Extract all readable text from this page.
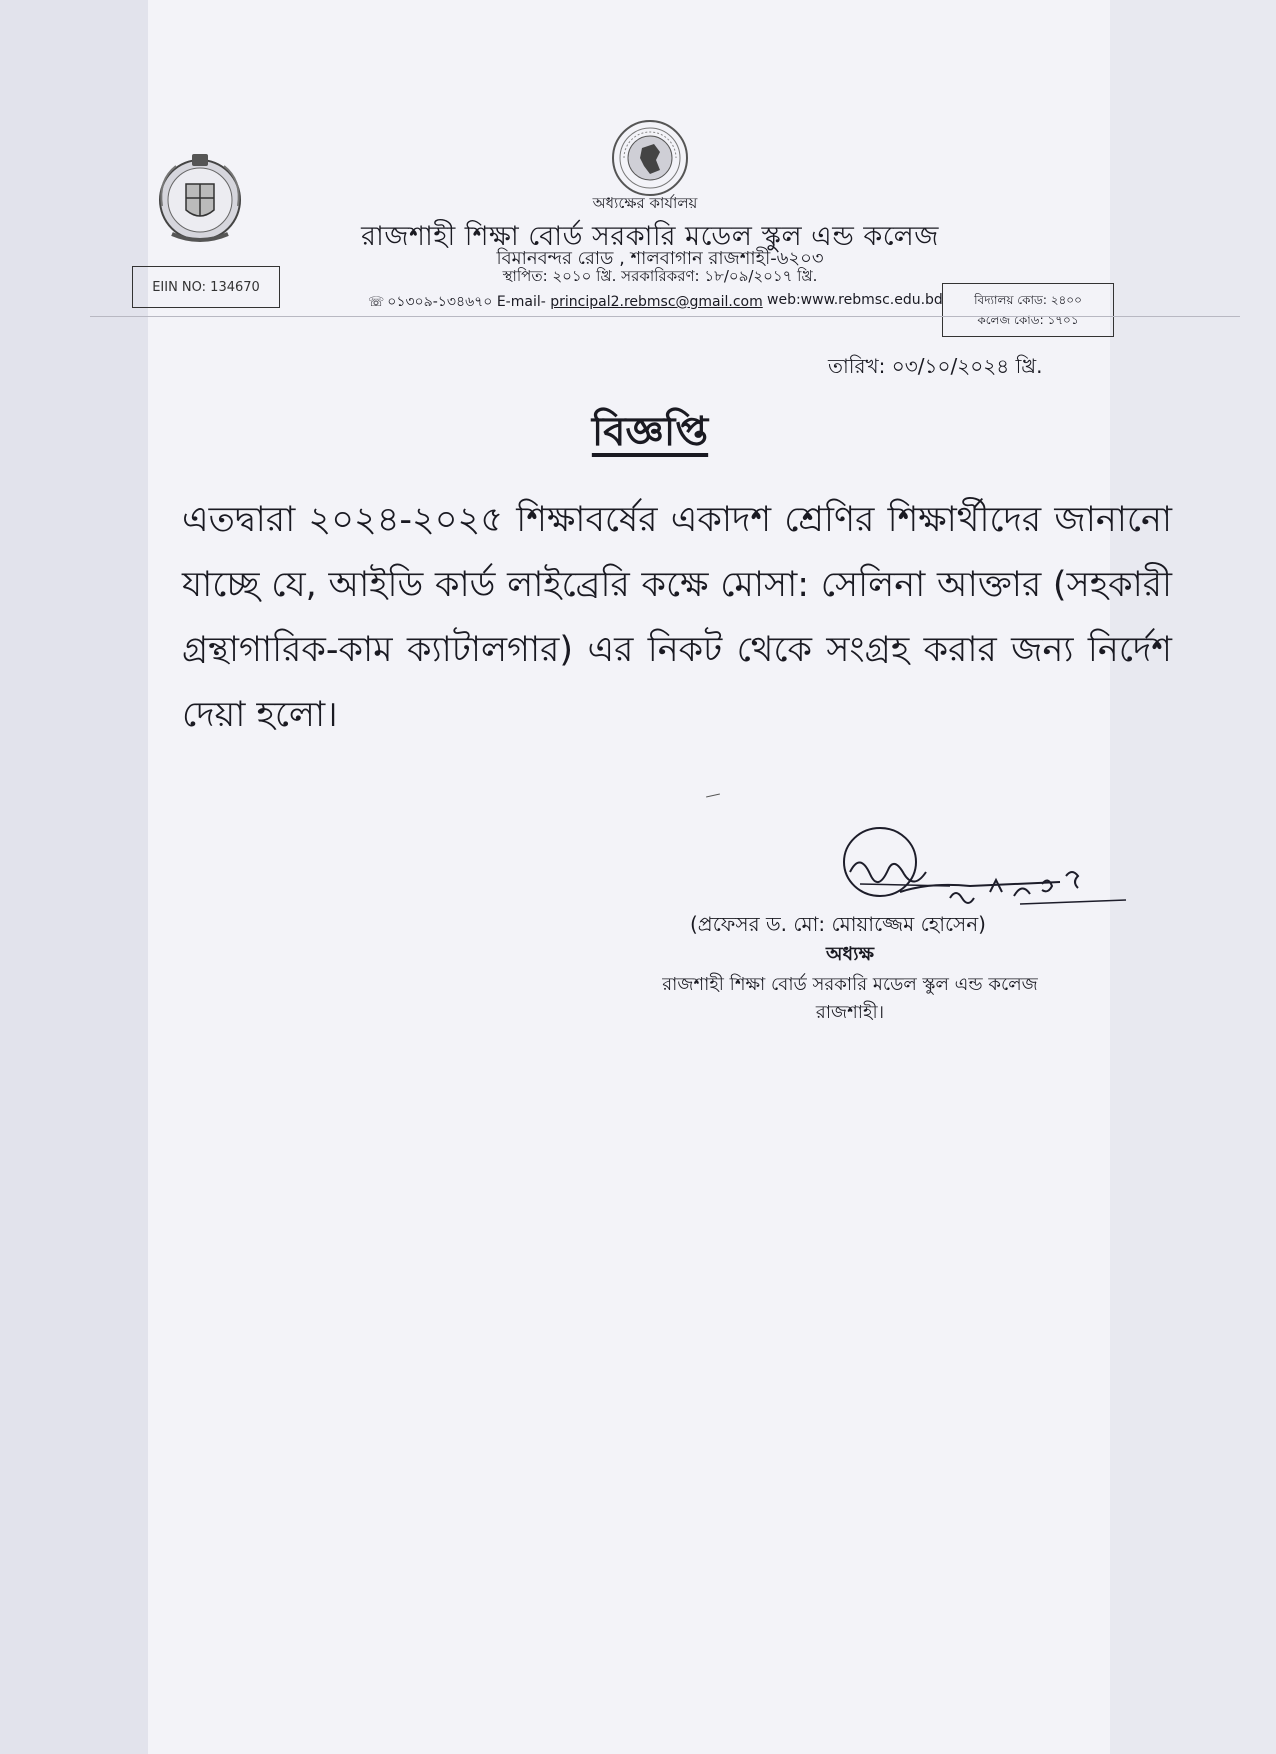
অধ্যক্ষের কার্যালয়
রাজশাহী শিক্ষা বোর্ড সরকারি মডেল স্কুল এন্ড কলেজ
বিমানবন্দর রোড , শালবাগান রাজশাহী-৬২০৩
স্থাপিত: ২০১০ খ্রি. সরকারিকরণ: ১৮/০৯/২০১৭ খ্রি.
☏ ০১৩০৯-১৩৪৬৭০ E-mail- principal2.rebmsc@gmail.com web:www.rebmsc.edu.bd
EIIN NO: 134670
বিদ্যালয় কোড: ২৪০০
কলেজ কোড: ১৭০১
তারিখ: ০৩/১০/২০২৪ খ্রি.
বিজ্ঞপ্তি
এতদ্বারা ২০২৪-২০২৫ শিক্ষাবর্ষের একাদশ শ্রেণির শিক্ষার্থীদের জানানো যাচ্ছে যে, আইডি কার্ড লাইব্রেরি কক্ষে মোসা: সেলিনা আক্তার (সহকারী গ্রন্থাগারিক-কাম ক্যাটালগার) এর নিকট থেকে সংগ্রহ করার জন্য নির্দেশ দেয়া হলো।
(প্রফেসর ড. মো: মোয়াজ্জেম হোসেন)
অধ্যক্ষ
রাজশাহী শিক্ষা বোর্ড সরকারি মডেল স্কুল এন্ড কলেজ
রাজশাহী।
